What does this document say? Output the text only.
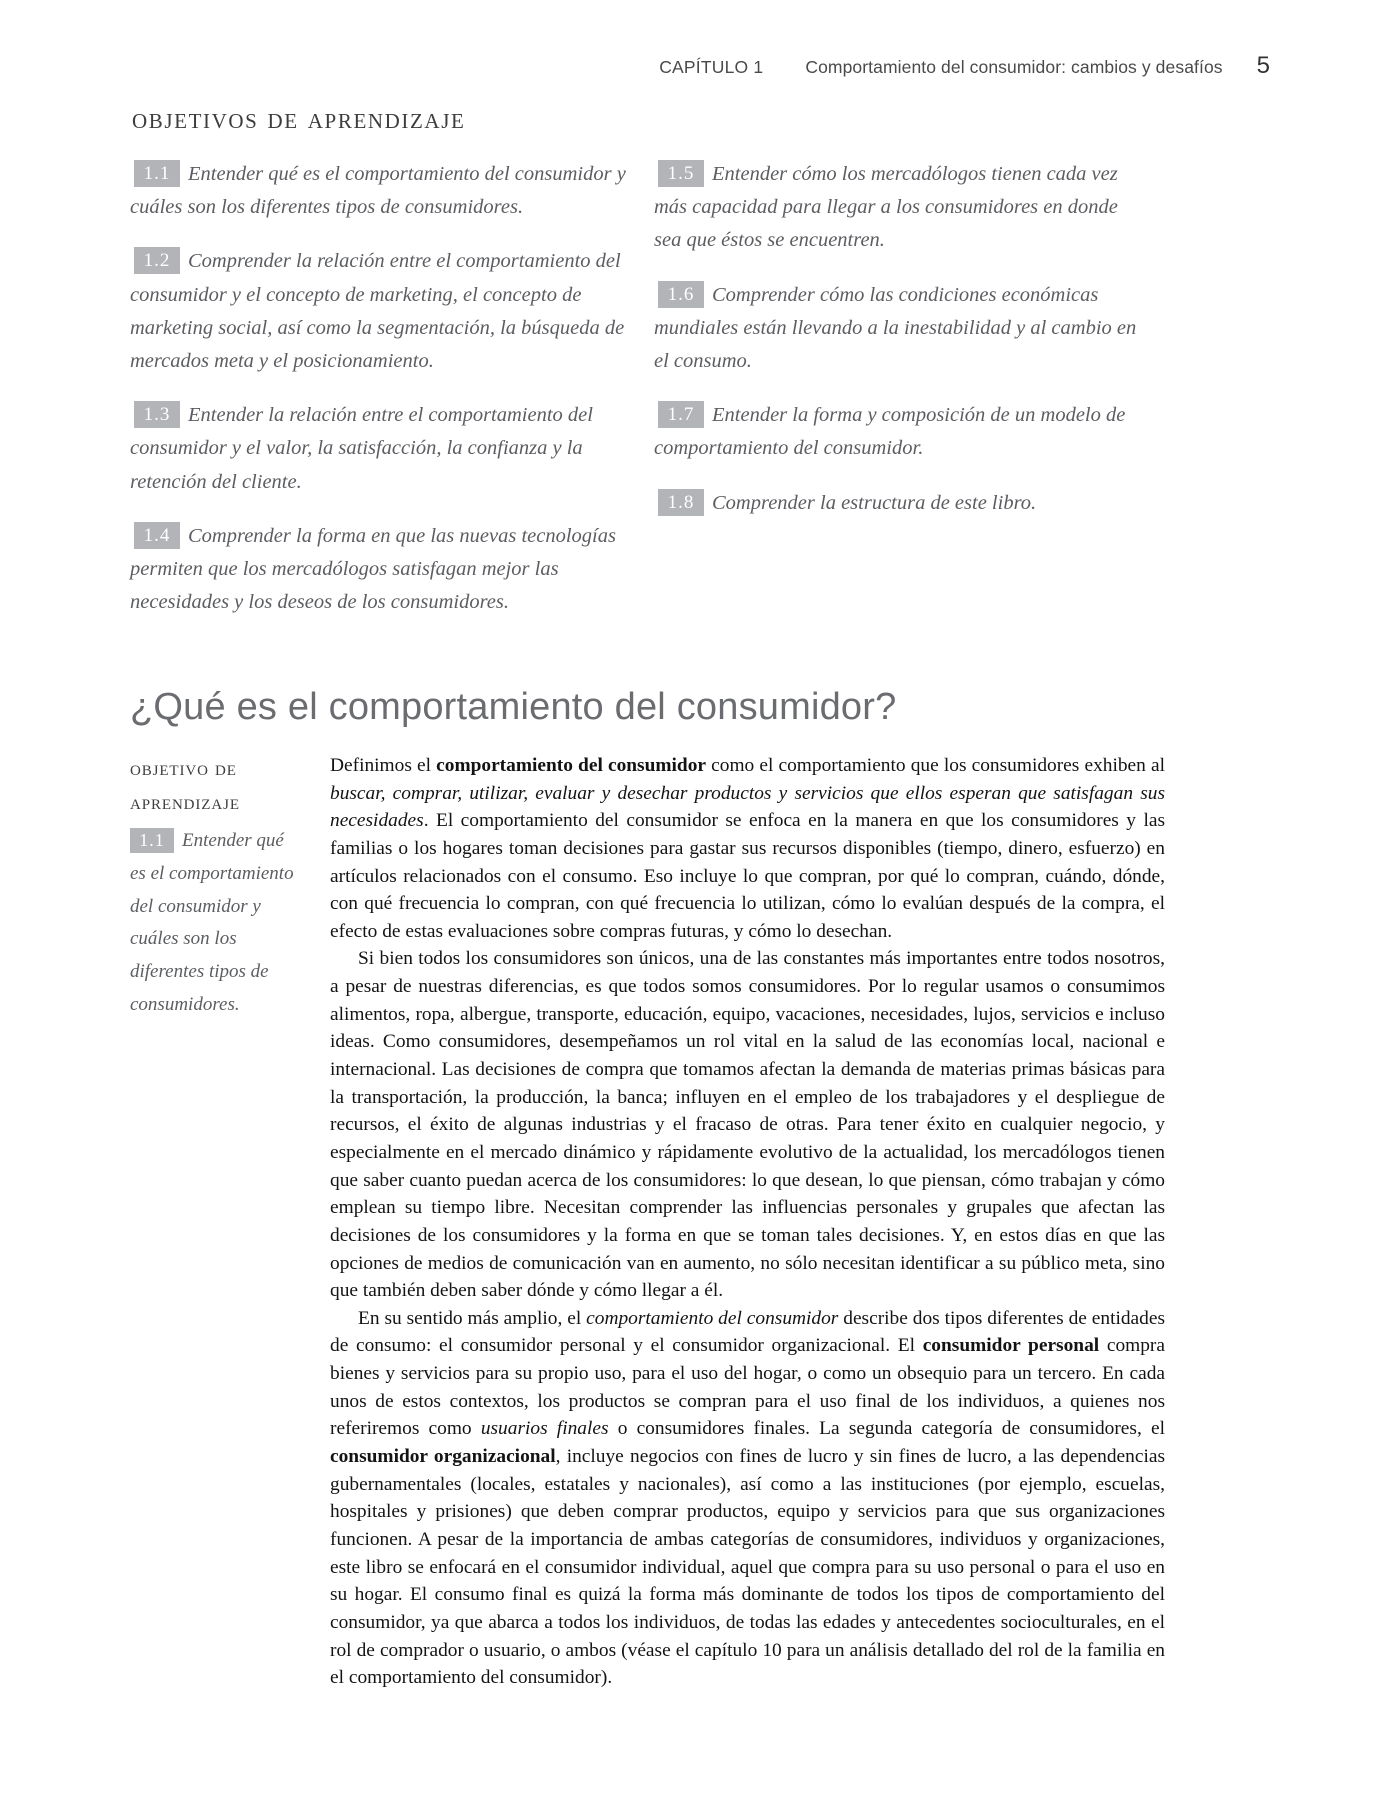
CAPÍTULO 1 Comportamiento del consumidor: cambios y desafíos 5
objetivos de aprendizaje
1.1 Entender qué es el comportamiento del consumidor y cuáles son los diferentes tipos de consumidores.
1.2 Comprender la relación entre el comportamiento del consumidor y el concepto de marketing, el concepto de marketing social, así como la segmentación, la búsqueda de mercados meta y el posicionamiento.
1.3 Entender la relación entre el comportamiento del consumidor y el valor, la satisfacción, la confianza y la retención del cliente.
1.4 Comprender la forma en que las nuevas tecnologías permiten que los mercadólogos satisfagan mejor las necesidades y los deseos de los consumidores.
1.5 Entender cómo los mercadólogos tienen cada vez más capacidad para llegar a los consumidores en donde sea que éstos se encuentren.
1.6 Comprender cómo las condiciones económicas mundiales están llevando a la inestabilidad y al cambio en el consumo.
1.7 Entender la forma y composición de un modelo de comportamiento del consumidor.
1.8 Comprender la estructura de este libro.
¿Qué es el comportamiento del consumidor?
objetivo de
aprendizaje
1.1 Entender qué es el comportamiento del consumidor y cuáles son los diferentes tipos de consumidores.

Definimos el comportamiento del consumidor como el comportamiento que los consumidores exhiben al buscar, comprar, utilizar, evaluar y desechar productos y servicios que ellos esperan que satisfagan sus necesidades. El comportamiento del consumidor se enfoca en la manera en que los consumidores y las familias o los hogares toman decisiones para gastar sus recursos disponibles (tiempo, dinero, esfuerzo) en artículos relacionados con el consumo. Eso incluye lo que compran, por qué lo compran, cuándo, dónde, con qué frecuencia lo compran, con qué frecuencia lo utilizan, cómo lo evalúan después de la compra, el efecto de estas evaluaciones sobre compras futuras, y cómo lo desechan.

Si bien todos los consumidores son únicos, una de las constantes más importantes entre todos nosotros, a pesar de nuestras diferencias, es que todos somos consumidores. Por lo regular usamos o consumimos alimentos, ropa, albergue, transporte, educación, equipo, vacaciones, necesidades, lujos, servicios e incluso ideas. Como consumidores, desempeñamos un rol vital en la salud de las economías local, nacional e internacional. Las decisiones de compra que tomamos afectan la demanda de materias primas básicas para la transportación, la producción, la banca; influyen en el empleo de los trabajadores y el despliegue de recursos, el éxito de algunas industrias y el fracaso de otras. Para tener éxito en cualquier negocio, y especialmente en el mercado dinámico y rápidamente evolutivo de la actualidad, los mercadólogos tienen que saber cuanto puedan acerca de los consumidores: lo que desean, lo que piensan, cómo trabajan y cómo emplean su tiempo libre. Necesitan comprender las influencias personales y grupales que afectan las decisiones de los consumidores y la forma en que se toman tales decisiones. Y, en estos días en que las opciones de medios de comunicación van en aumento, no sólo necesitan identificar a su público meta, sino que también deben saber dónde y cómo llegar a él.

En su sentido más amplio, el comportamiento del consumidor describe dos tipos diferentes de entidades de consumo: el consumidor personal y el consumidor organizacional. El consumidor personal compra bienes y servicios para su propio uso, para el uso del hogar, o como un obsequio para un tercero. En cada unos de estos contextos, los productos se compran para el uso final de los individuos, a quienes nos referiremos como usuarios finales o consumidores finales. La segunda categoría de consumidores, el consumidor organizacional, incluye negocios con fines de lucro y sin fines de lucro, a las dependencias gubernamentales (locales, estatales y nacionales), así como a las instituciones (por ejemplo, escuelas, hospitales y prisiones) que deben comprar productos, equipo y servicios para que sus organizaciones funcionen. A pesar de la importancia de ambas categorías de consumidores, individuos y organizaciones, este libro se enfocará en el consumidor individual, aquel que compra para su uso personal o para el uso en su hogar. El consumo final es quizá la forma más dominante de todos los tipos de comportamiento del consumidor, ya que abarca a todos los individuos, de todas las edades y antecedentes socioculturales, en el rol de comprador o usuario, o ambos (véase el capítulo 10 para un análisis detallado del rol de la familia en el comportamiento del consumidor).
